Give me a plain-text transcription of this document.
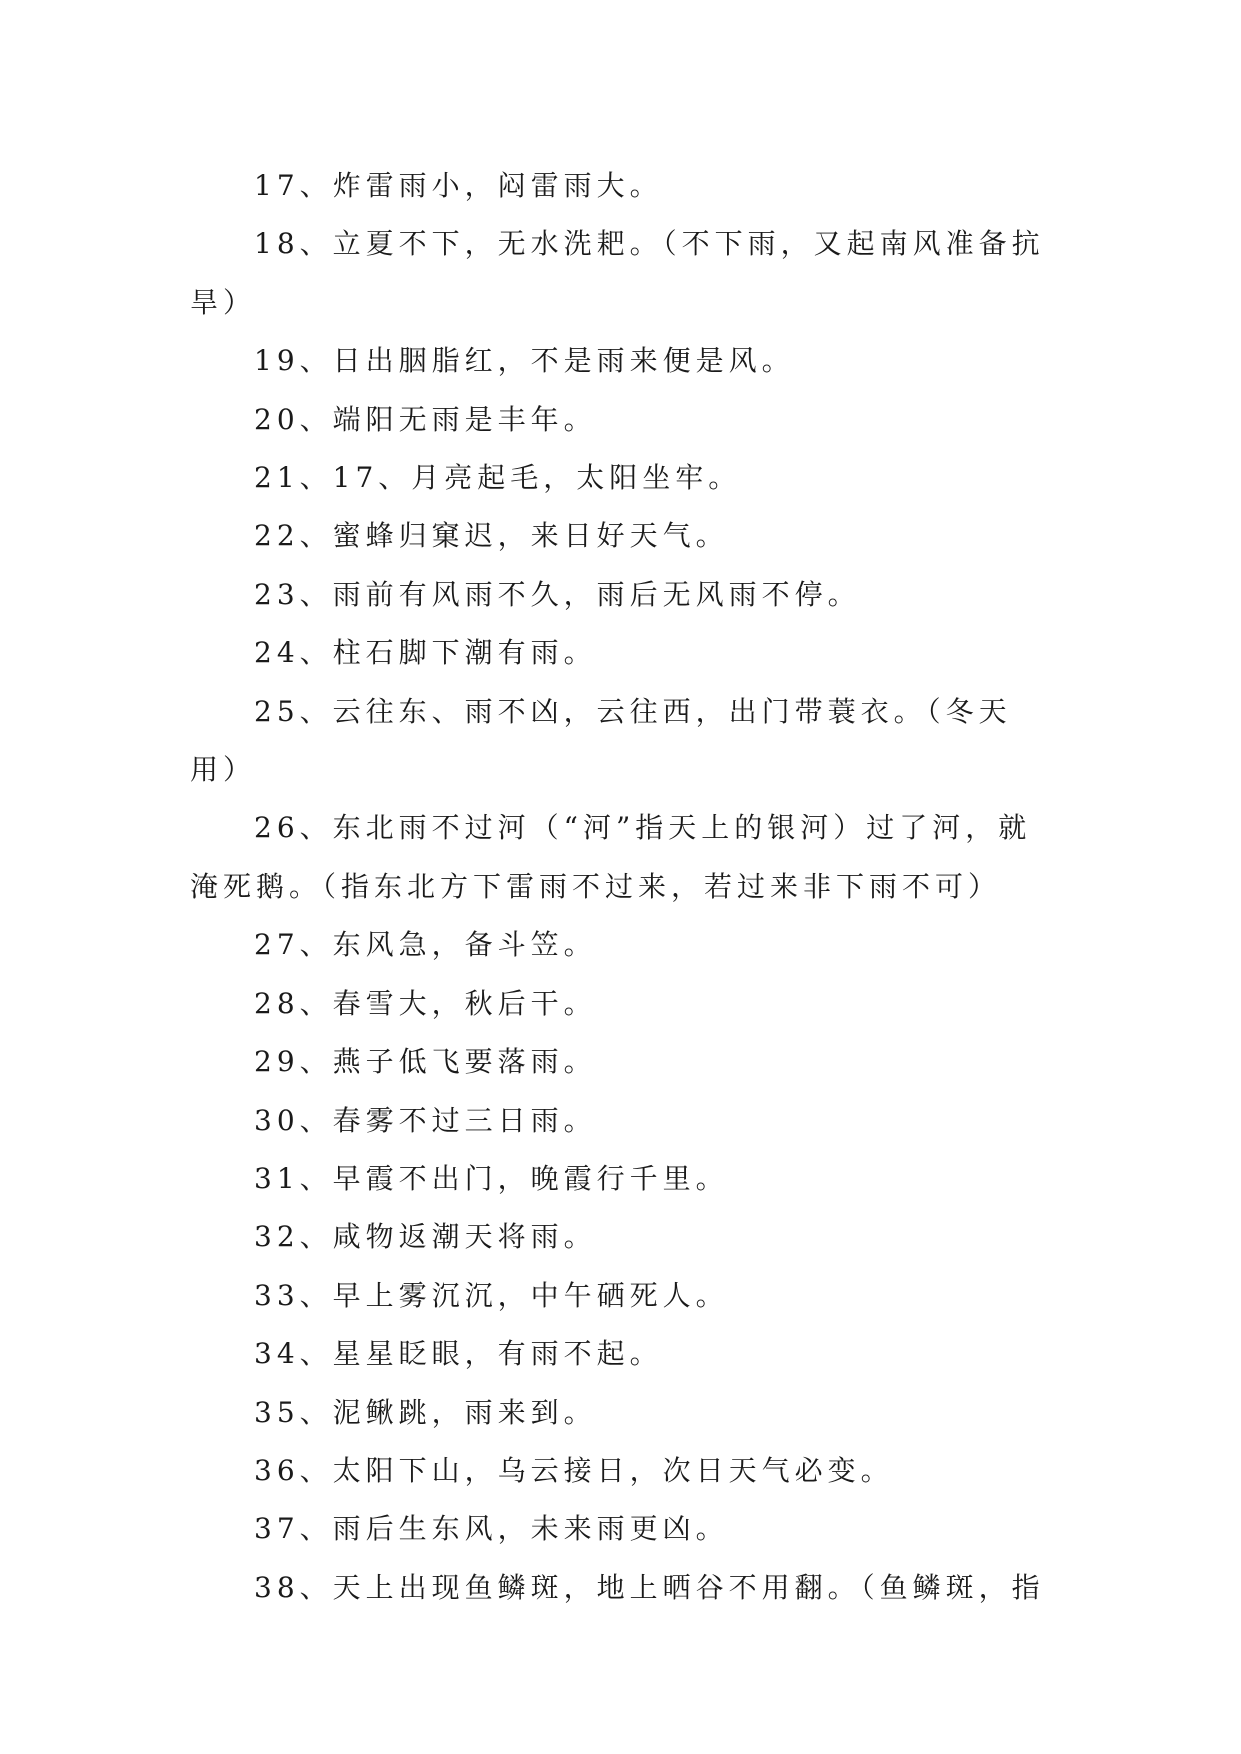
17、炸雷雨小，闷雷雨大。

18、立夏不下，无水洗耙。（不下雨，又起南风准备抗旱）

19、日出胭脂红，不是雨来便是风。

20、端阳无雨是丰年。

21、17、月亮起毛，太阳坐牢。

22、蜜蜂归窠迟，来日好天气。

23、雨前有风雨不久，雨后无风雨不停。

24、柱石脚下潮有雨。

25、云往东、雨不凶，云往西，出门带蓑衣。（冬天用）

26、东北雨不过河（“河”指天上的银河）过了河，就淹死鹅。（指东北方下雷雨不过来，若过来非下雨不可）

27、东风急，备斗笠。

28、春雪大，秋后干。

29、燕子低飞要落雨。

30、春雾不过三日雨。

31、早霞不出门，晚霞行千里。

32、咸物返潮天将雨。

33、早上雾沉沉，中午硒死人。

34、星星眨眼，有雨不起。

35、泥鳅跳，雨来到。

36、太阳下山，乌云接日，次日天气必变。

37、雨后生东风，未来雨更凶。

38、天上出现鱼鳞斑，地上晒谷不用翻。（鱼鳞斑，指
